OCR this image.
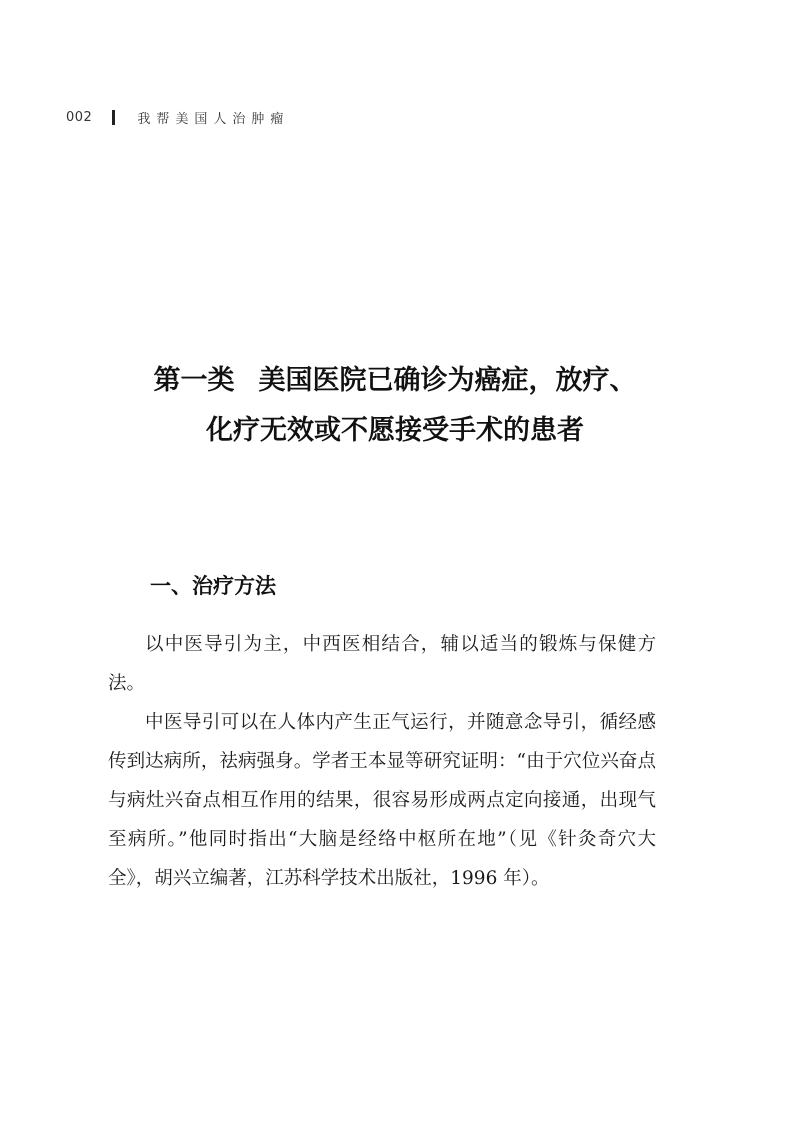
002	我帮美国人治肿瘤
第一类 美国医院已确诊为癌症，放疗、
化疗无效或不愿接受手术的患者
一、治疗方法

以中医导引为主，中西医相结合，辅以适当的锻炼与保健方法。

中医导引可以在人体内产生正气运行，并随意念导引，循经感传到达病所，祛病强身。学者王本显等研究证明：“由于穴位兴奋点与病灶兴奋点相互作用的结果，很容易形成两点定向接通，出现气至病所。”他同时指出“大脑是经络中枢所在地”（见《针灸奇穴大全》，胡兴立编著，江苏科学技术出版社，1996 年）。
